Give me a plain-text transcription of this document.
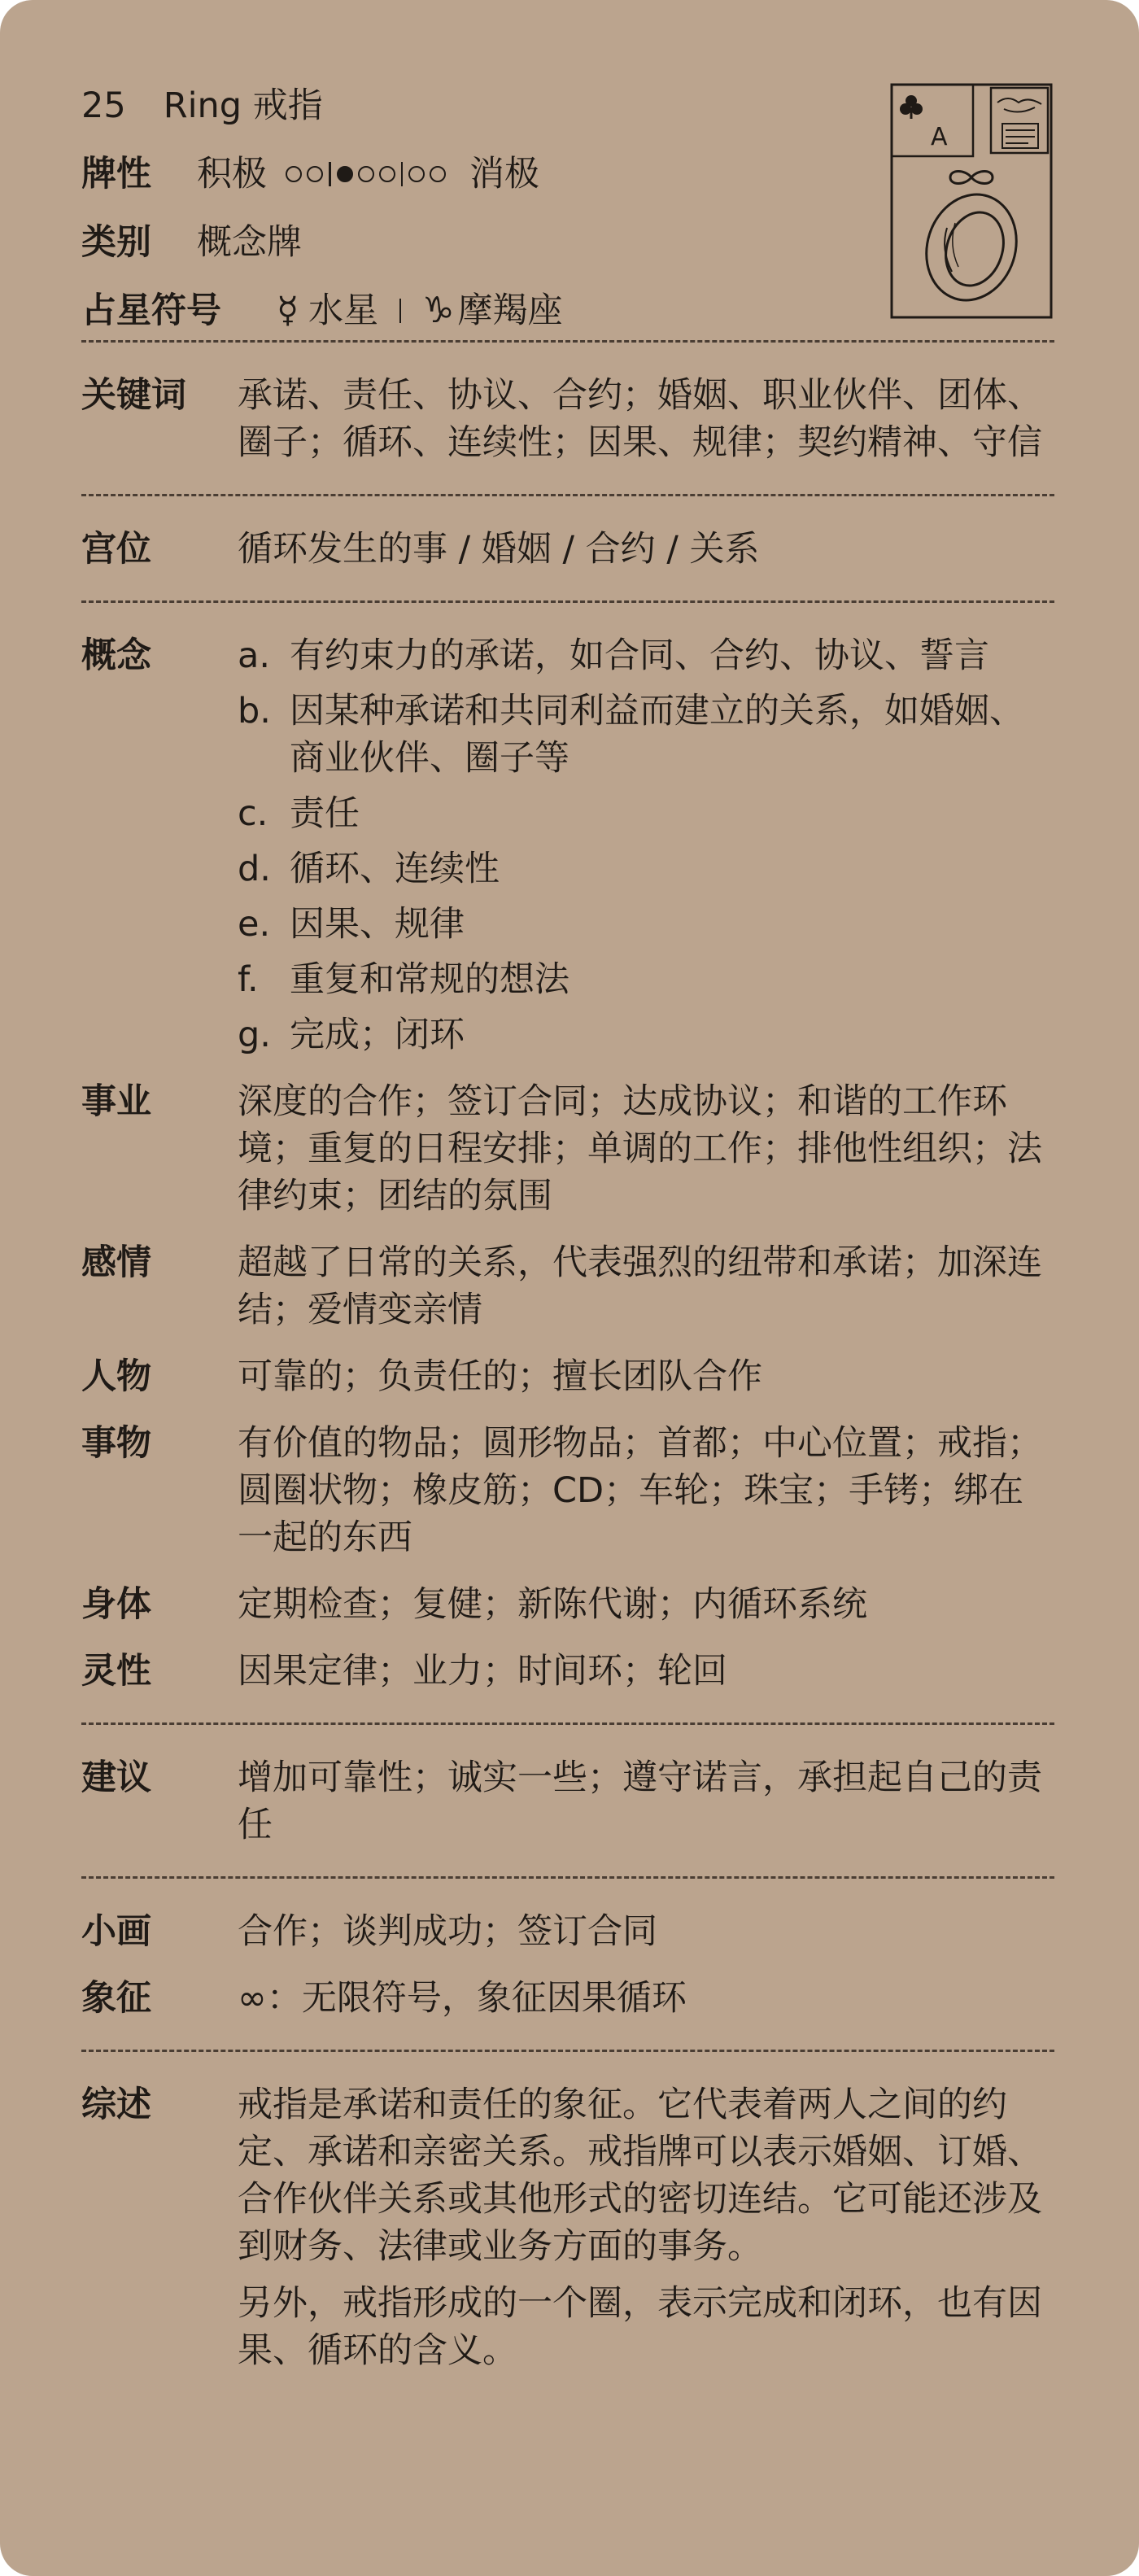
25 Ring 戒指
牌性	积极	消极
类别	概念牌
占星符号	☿ 水星 ♑ 摩羯座
A
关键词	承诺、责任、协议、合约；婚姻、职业伙伴、团体、圈子；循环、连续性；因果、规律；契约精神、守信
宫位	循环发生的事 / 婚姻 / 合约 / 关系
概念	a. 有约束力的承诺，如合同、合约、协议、誓言
b. 因某种承诺和共同利益而建立的关系，如婚姻、商业伙伴、圈子等
c. 责任
d. 循环、连续性
e. 因果、规律
f. 重复和常规的想法
g. 完成；闭环
事业	深度的合作；签订合同；达成协议；和谐的工作环境；重复的日程安排；单调的工作；排他性组织；法律约束；团结的氛围
感情	超越了日常的关系，代表强烈的纽带和承诺；加深连结；爱情变亲情
人物	可靠的；负责任的；擅长团队合作
事物	有价值的物品；圆形物品；首都；中心位置；戒指；圆圈状物；橡皮筋；CD；车轮；珠宝；手铐；绑在一起的东西
身体	定期检查；复健；新陈代谢；内循环系统
灵性	因果定律；业力；时间环；轮回
建议	增加可靠性；诚实一些；遵守诺言，承担起自己的责任
小画	合作；谈判成功；签订合同
象征	∞：无限符号，象征因果循环
综述	戒指是承诺和责任的象征。它代表着两人之间的约定、承诺和亲密关系。戒指牌可以表示婚姻、订婚、合作伙伴关系或其他形式的密切连结。它可能还涉及到财务、法律或业务方面的事务。
另外，戒指形成的一个圈，表示完成和闭环，也有因果、循环的含义。
